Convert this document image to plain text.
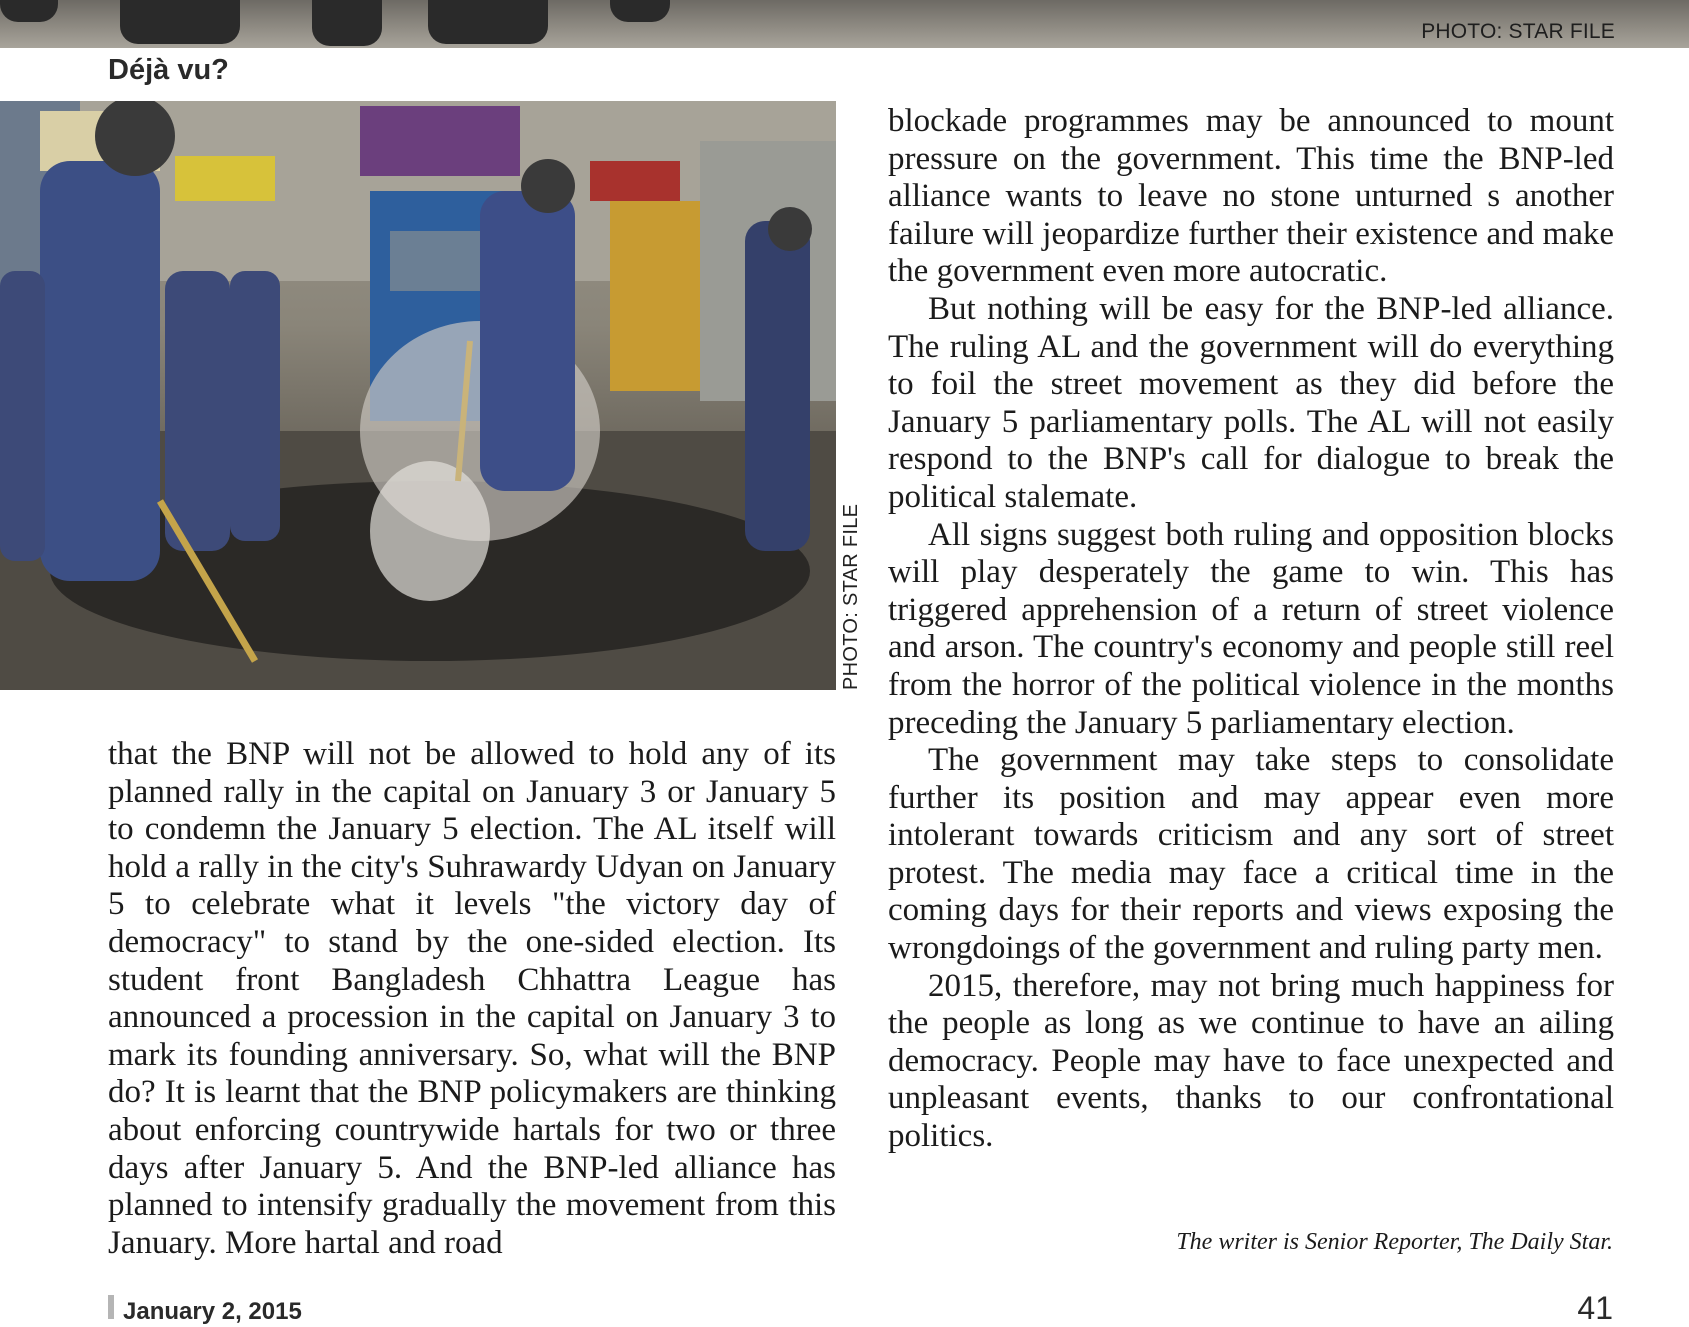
PHOTO: STAR FILE
Déjà vu?
PHOTO: STAR FILE

that the BNP will not be allowed to hold any of its planned rally in the capital on January 3 or January 5 to condemn the January 5 election. The AL itself will hold a rally in the city's Suhrawardy Udyan on January 5 to celebrate what it levels "the victory day of democracy" to stand by the one-sided election. Its student front Bangladesh Chhattra League has announced a procession in the capital on January 3 to mark its founding anniversary. So, what will the BNP do? It is learnt that the BNP policymakers are thinking about enforcing countrywide hartals for two or three days after January 5. And the BNP-led alliance has planned to intensify gradually the movement from this January. More hartal and road

blockade programmes may be announced to mount pressure on the government. This time the BNP-led alliance wants to leave no stone unturned s another failure will jeopardize further their existence and make the government even more autocratic.

But nothing will be easy for the BNP-led alliance. The ruling AL and the government will do everything to foil the street movement as they did before the January 5 parliamentary polls. The AL will not easily respond to the BNP's call for dialogue to break the political stalemate.

All signs suggest both ruling and opposition blocks will play desperately the game to win. This has triggered apprehension of a return of street violence and arson. The country's economy and people still reel from the horror of the political violence in the months preceding the January 5 parliamentary election.

The government may take steps to consolidate further its position and may appear even more intolerant towards criticism and any sort of street protest. The media may face a critical time in the coming days for their reports and views exposing the wrongdoings of the government and ruling party men.

2015, therefore, may not bring much happiness for the people as long as we continue to have an ailing democracy. People may have to face unexpected and unpleasant events, thanks to our confrontational politics.

The writer is Senior Reporter, The Daily Star.
January 2, 2015	41
